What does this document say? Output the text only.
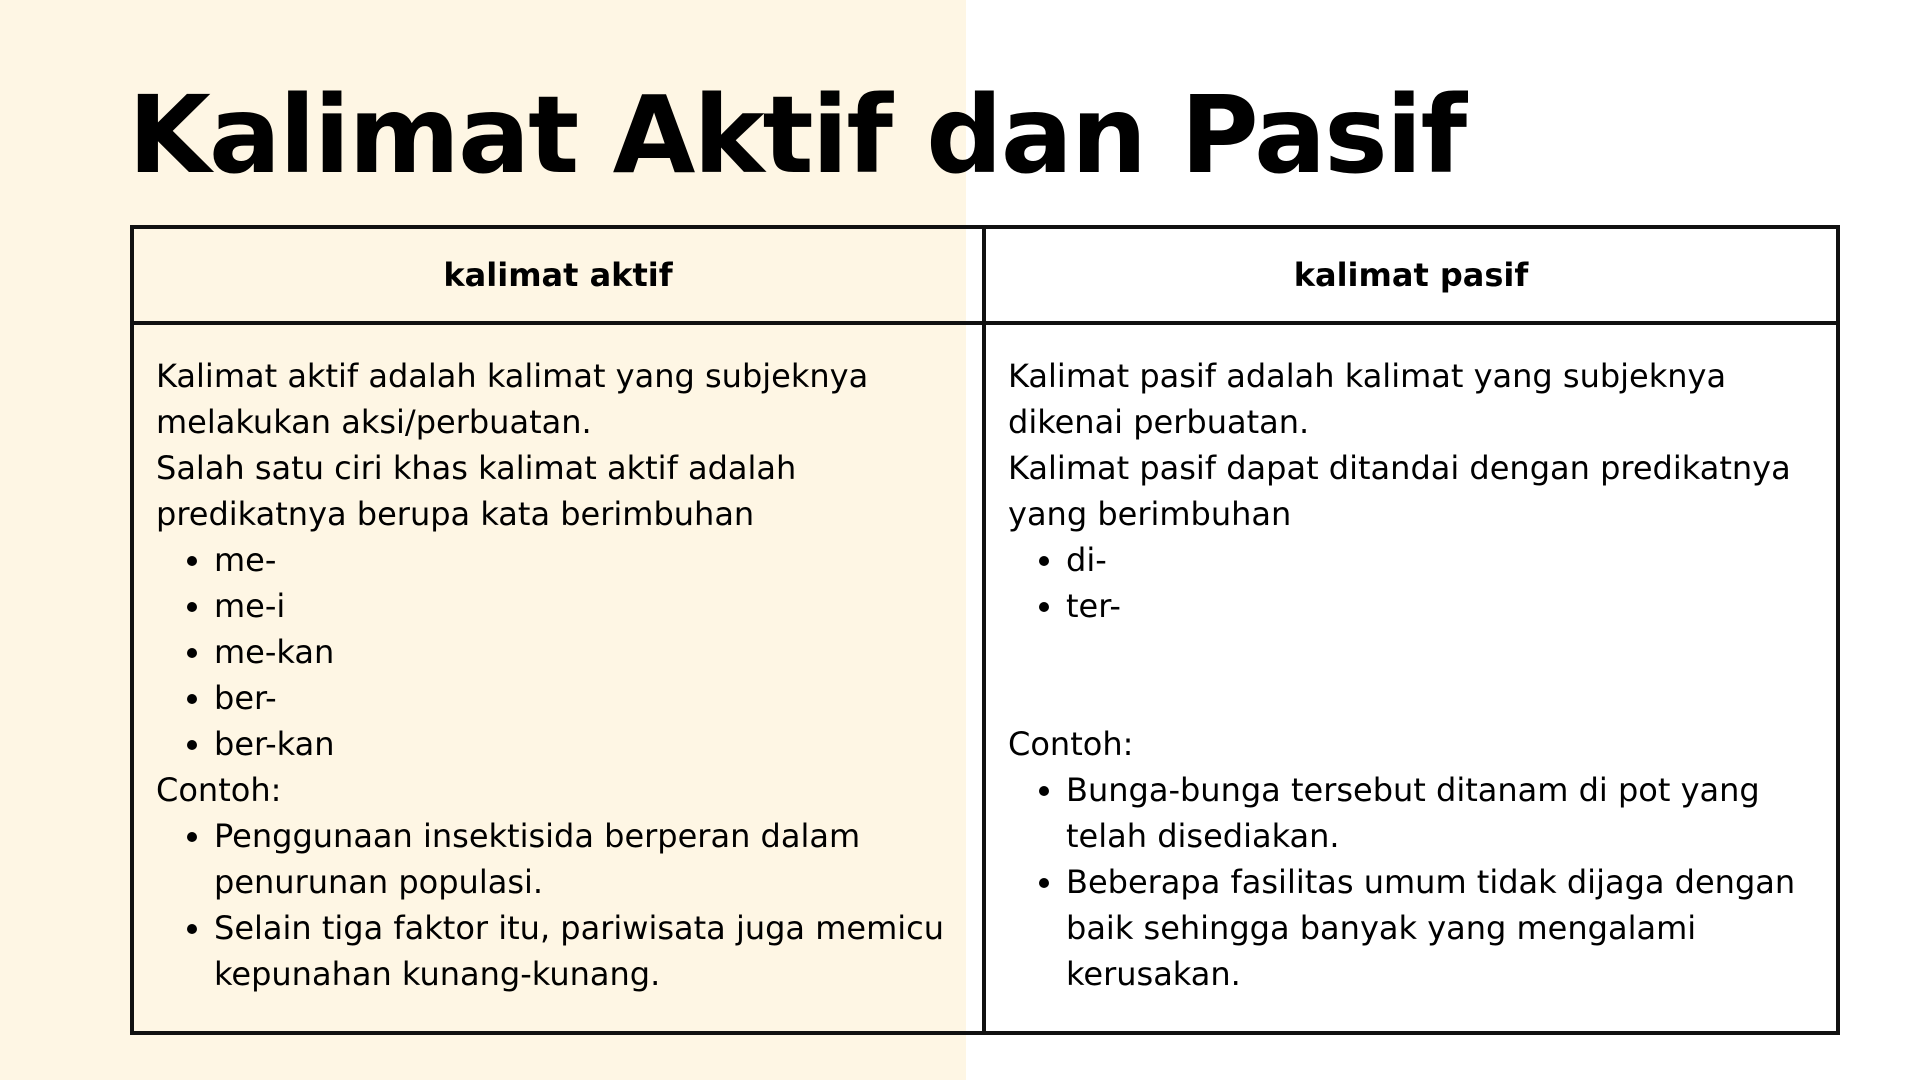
Kalimat Aktif dan Pasif
kalimat aktif	kalimat pasif

Kalimat aktif adalah kalimat yang subjeknya melakukan aksi/perbuatan.

Salah satu ciri khas kalimat aktif adalah predikatnya berupa kata berimbuhan

• me-
• me-i
• me-kan
• ber-
• ber-kan

Contoh:

• Penggunaan insektisida berperan dalam penurunan populasi.
• Selain tiga faktor itu, pariwisata juga memicu kepunahan kunang-kunang.

Kalimat pasif adalah kalimat yang subjeknya dikenai perbuatan.

Kalimat pasif dapat ditandai dengan predikatnya yang berimbuhan

• di-
• ter-

Contoh:

• Bunga-bunga tersebut ditanam di pot yang telah disediakan.
• Beberapa fasilitas umum tidak dijaga dengan baik sehingga banyak yang mengalami kerusakan.
